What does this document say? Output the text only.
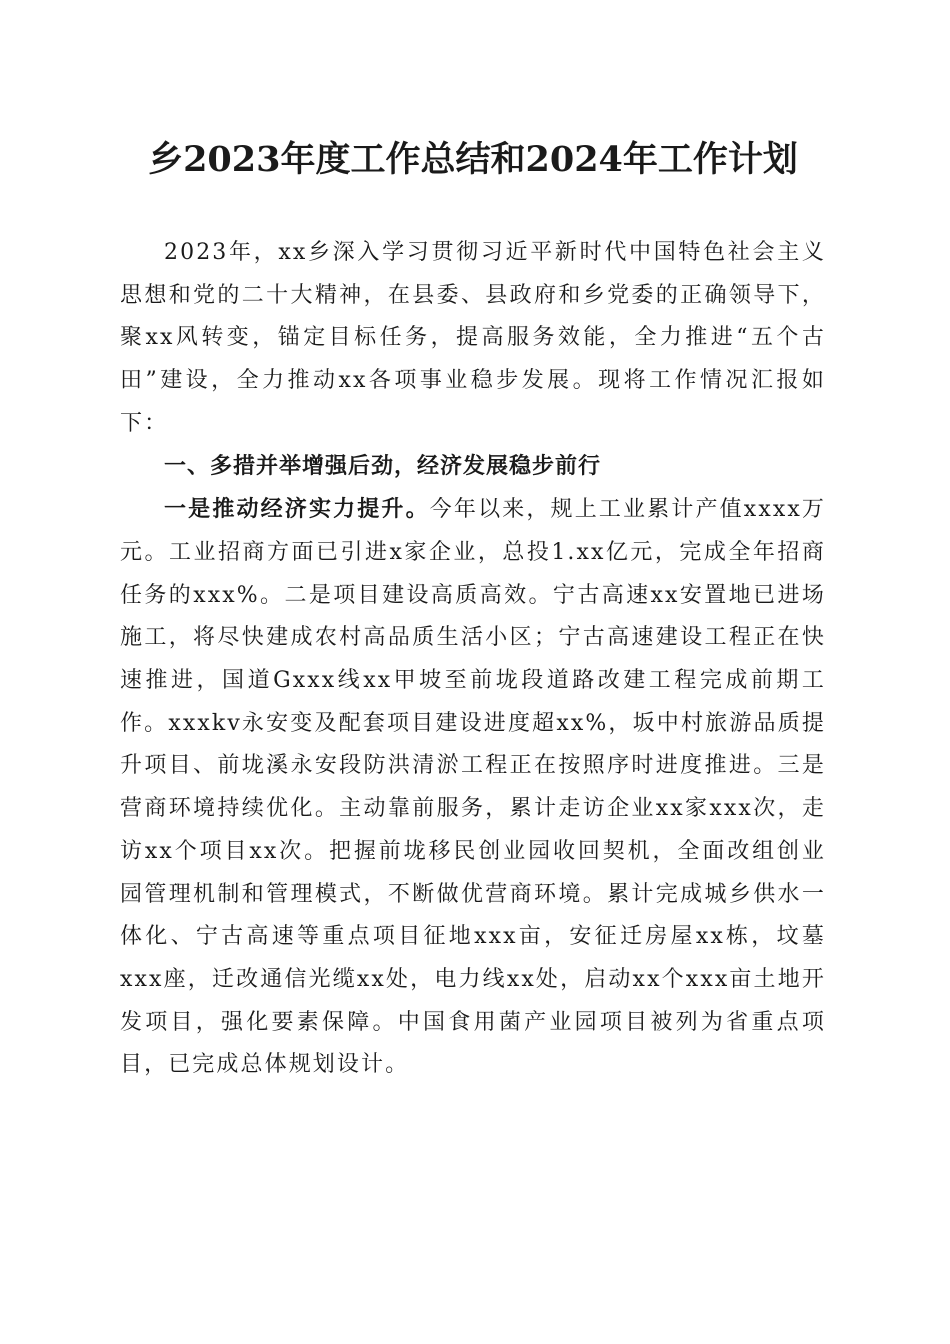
乡2023年度工作总结和2024年工作计划

2023年，xx乡深入学习贯彻习近平新时代中国特色社会主义思想和党的二十大精神，在县委、县政府和乡党委的正确领导下，聚xx风转变，锚定目标任务，提高服务效能，全力推进“五个古田”建设，全力推动xx各项事业稳步发展。现将工作情况汇报如下：

一、多措并举增强后劲，经济发展稳步前行

一是推动经济实力提升。今年以来，规上工业累计产值xxxx万元。工业招商方面已引进x家企业，总投1.xx亿元，完成全年招商任务的xxx%。二是项目建设高质高效。宁古高速xx安置地已进场施工，将尽快建成农村高品质生活小区；宁古高速建设工程正在快速推进，国道Gxxx线xx甲坡至前垅段道路改建工程完成前期工作。xxxkv永安变及配套项目建设进度超xx%，坂中村旅游品质提升项目、前垅溪永安段防洪清淤工程正在按照序时进度推进。三是营商环境持续优化。主动靠前服务，累计走访企业xx家xxx次，走访xx个项目xx次。把握前垅移民创业园收回契机，全面改组创业园管理机制和管理模式，不断做优营商环境。累计完成城乡供水一体化、宁古高速等重点项目征地xxx亩，安征迁房屋xx栋，坟墓xxx座，迁改通信光缆xx处，电力线xx处，启动xx个xxx亩土地开发项目，强化要素保障。中国食用菌产业园项目被列为省重点项目，已完成总体规划设计。
